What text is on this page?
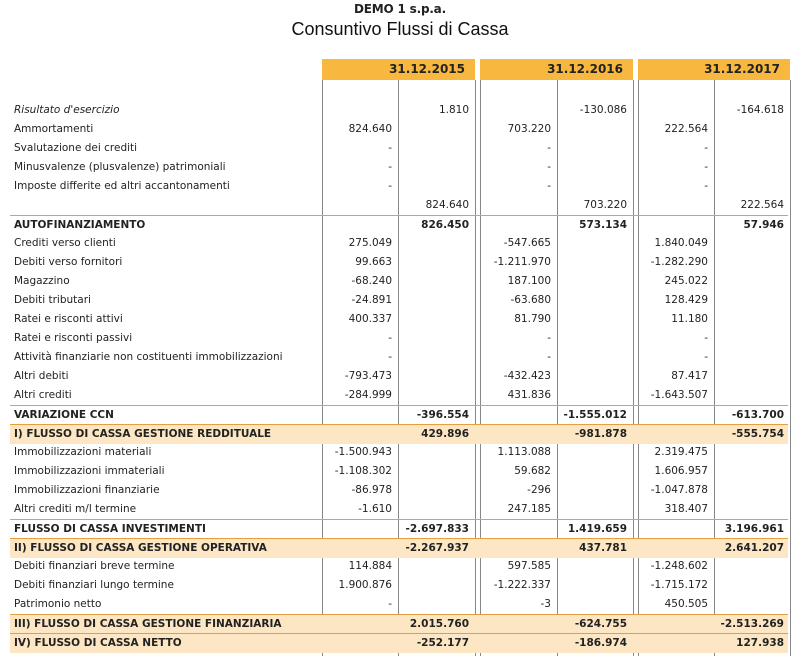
DEMO 1 s.p.a.
Consuntivo Flussi di Cassa
31.12.2015	31.12.2016	31.12.2017
Risultato d'esercizio	1.810	-130.086	-164.618
Ammortamenti	824.640	703.220	222.564
Svalutazione dei crediti	-	-	-
Minusvalenze (plusvalenze) patrimoniali	-	-	-
Imposte differite ed altri accantonamenti	-	-	-
824.640	703.220	222.564
AUTOFINANZIAMENTO	826.450	573.134	57.946
Crediti verso clienti	275.049	-547.665	1.840.049
Debiti verso fornitori	99.663	-1.211.970	-1.282.290
Magazzino	-68.240	187.100	245.022
Debiti tributari	-24.891	-63.680	128.429
Ratei e risconti attivi	400.337	81.790	11.180
Ratei e risconti passivi	-	-	-
Attività finanziarie non costituenti immobilizzazioni	-	-	-
Altri debiti	-793.473	-432.423	87.417
Altri crediti	-284.999	431.836	-1.643.507
VARIAZIONE CCN	-396.554	-1.555.012	-613.700
I) FLUSSO DI CASSA GESTIONE REDDITUALE	429.896	-981.878	-555.754
Immobilizzazioni materiali	-1.500.943	1.113.088	2.319.475
Immobilizzazioni immateriali	-1.108.302	59.682	1.606.957
Immobilizzazioni finanziarie	-86.978	-296	-1.047.878
Altri crediti m/l termine	-1.610	247.185	318.407
FLUSSO DI CASSA INVESTIMENTI	-2.697.833	1.419.659	3.196.961
II) FLUSSO DI CASSA GESTIONE OPERATIVA	-2.267.937	437.781	2.641.207
Debiti finanziari breve termine	114.884	597.585	-1.248.602
Debiti finanziari lungo termine	1.900.876	-1.222.337	-1.715.172
Patrimonio netto	-	-3	450.505
III) FLUSSO DI CASSA GESTIONE FINANZIARIA	2.015.760	-624.755	-2.513.269
IV) FLUSSO DI CASSA NETTO	-252.177	-186.974	127.938
